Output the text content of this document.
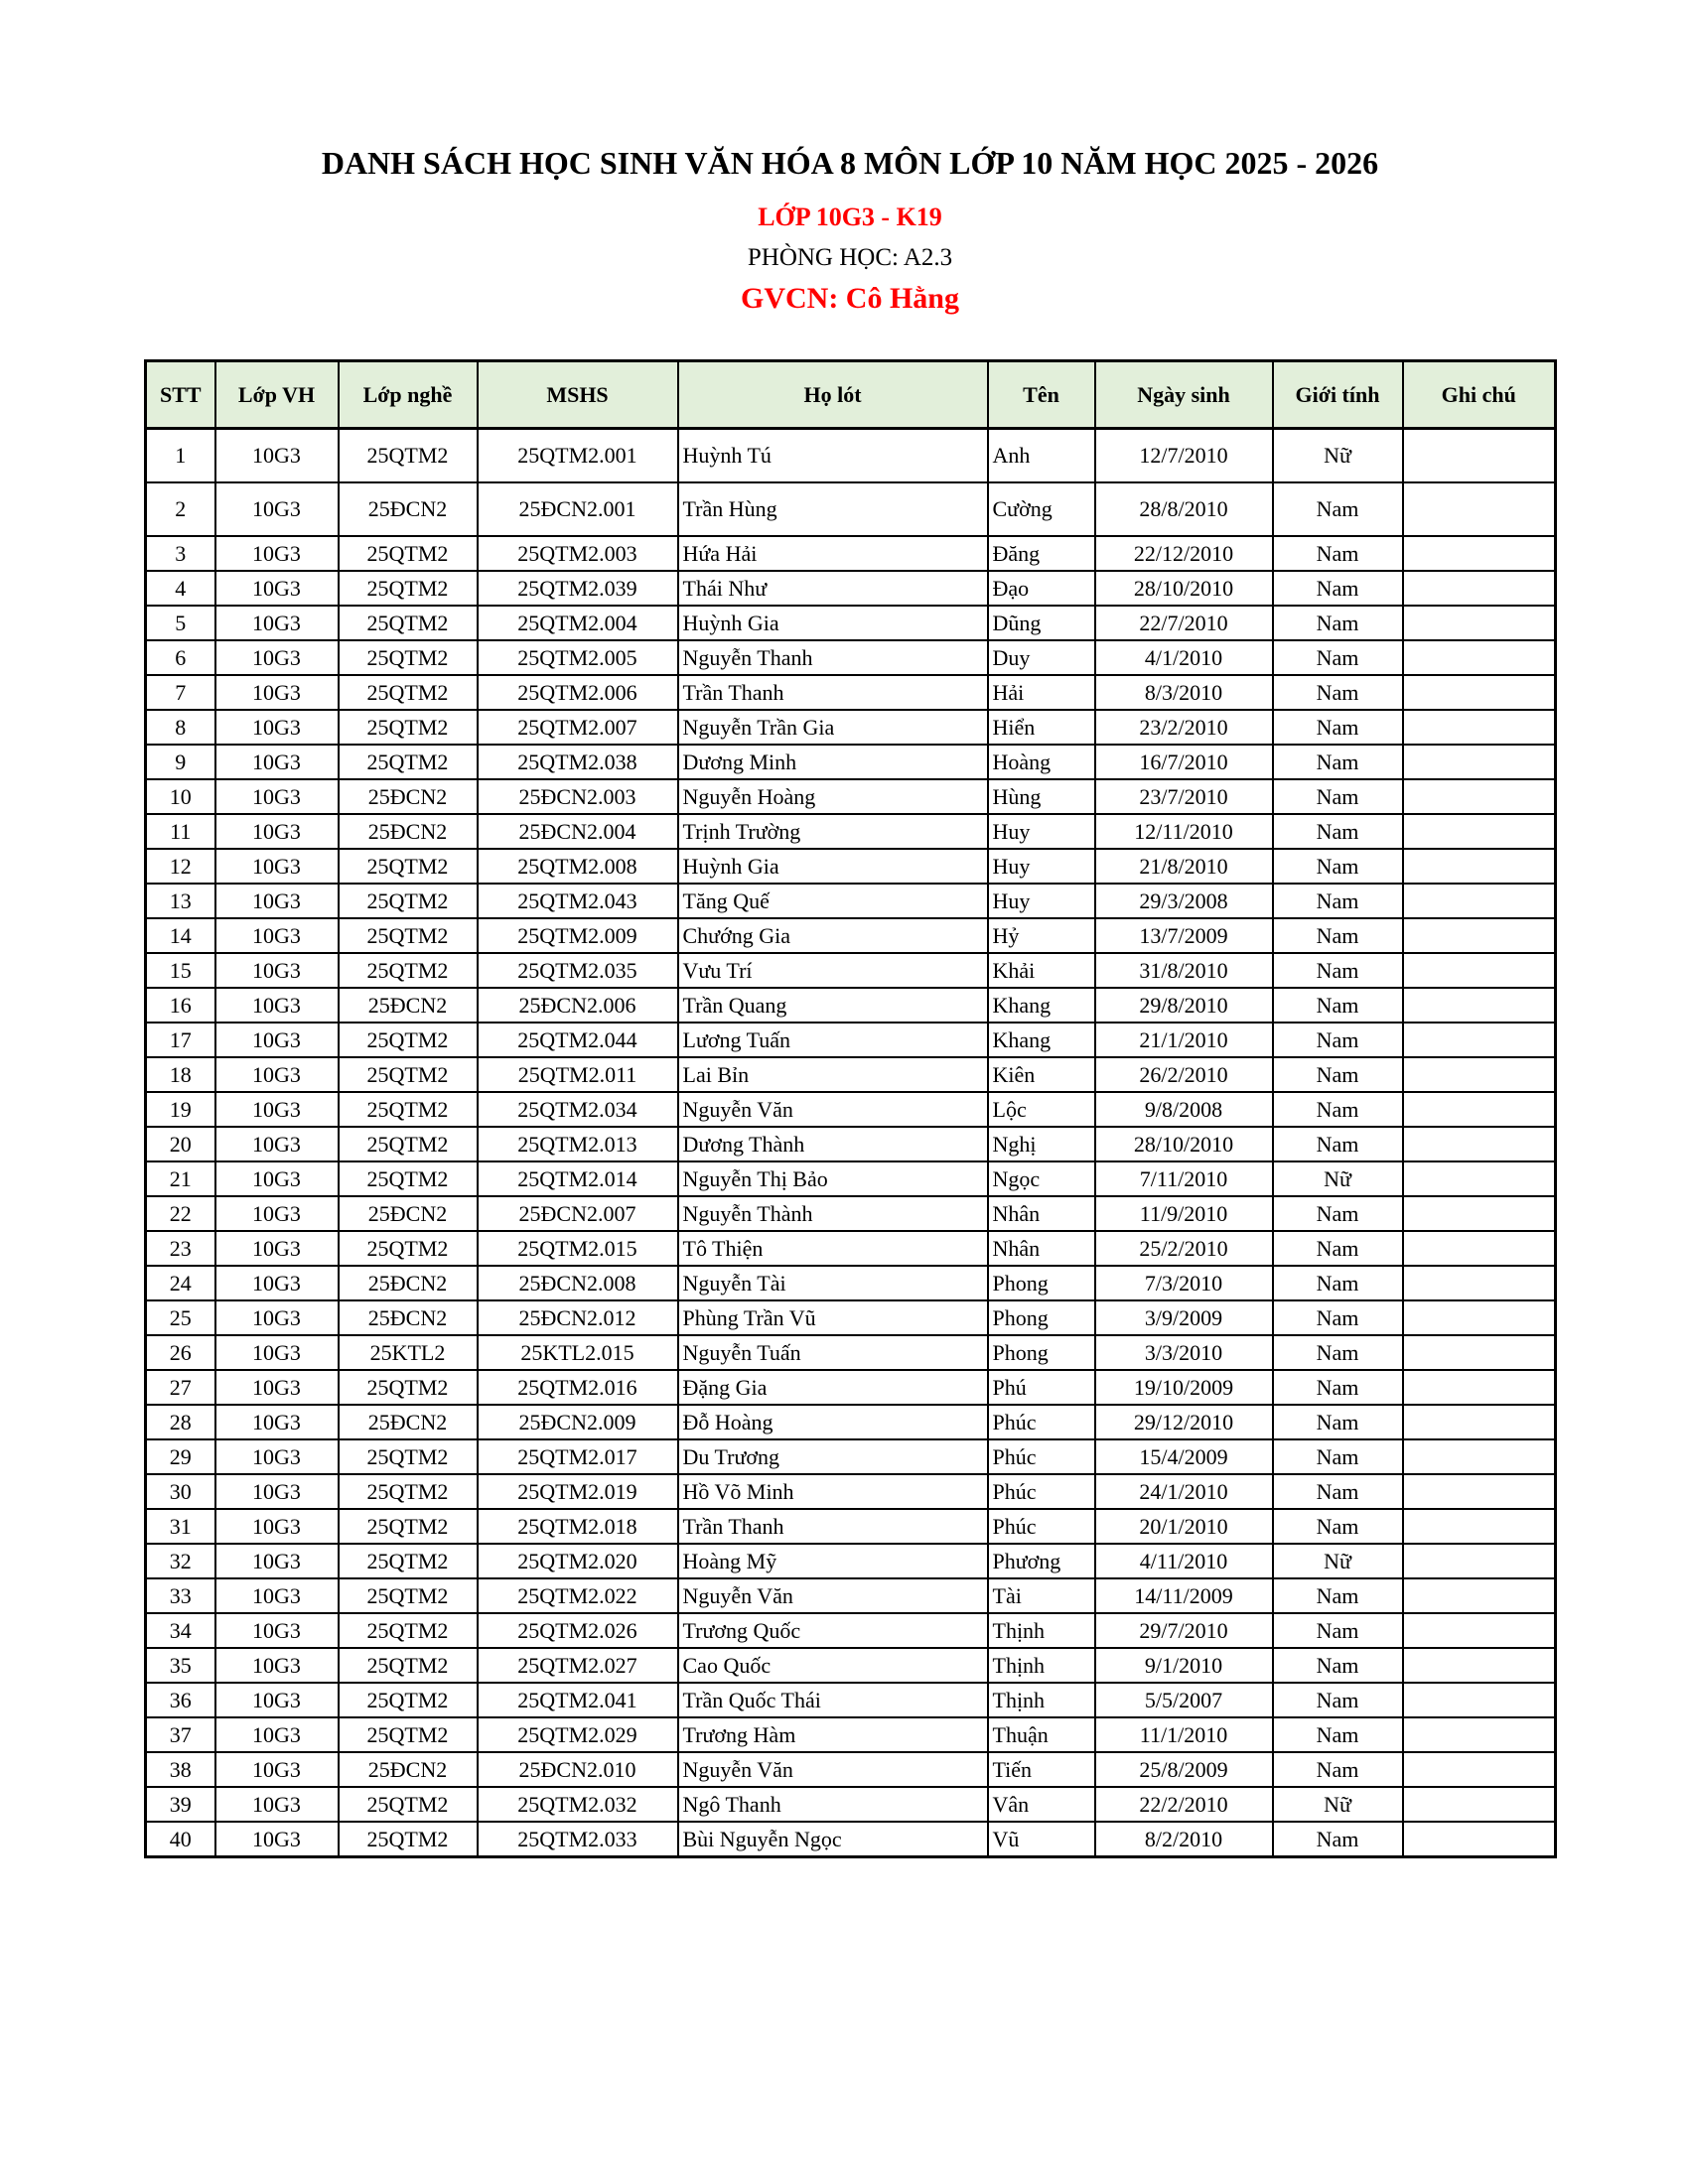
DANH SÁCH HỌC SINH VĂN HÓA 8 MÔN LỚP 10 NĂM HỌC 2025 - 2026
LỚP 10G3 - K19
PHÒNG HỌC: A2.3
GVCN: Cô Hằng
STT	Lớp VH	Lớp nghề	MSHS	Họ lót	Tên	Ngày sinh	Giới tính	Ghi chú
1	10G3	25QTM2	25QTM2.001	Huỳnh Tú	Anh	12/7/2010	Nữ	
2	10G3	25ĐCN2	25ĐCN2.001	Trần Hùng	Cường	28/8/2010	Nam	
3	10G3	25QTM2	25QTM2.003	Hứa Hải	Đăng	22/12/2010	Nam	
4	10G3	25QTM2	25QTM2.039	Thái Như	Đạo	28/10/2010	Nam	
5	10G3	25QTM2	25QTM2.004	Huỳnh Gia	Dũng	22/7/2010	Nam	
6	10G3	25QTM2	25QTM2.005	Nguyễn Thanh	Duy	4/1/2010	Nam	
7	10G3	25QTM2	25QTM2.006	Trần Thanh	Hải	8/3/2010	Nam	
8	10G3	25QTM2	25QTM2.007	Nguyễn Trần Gia	Hiển	23/2/2010	Nam	
9	10G3	25QTM2	25QTM2.038	Dương Minh	Hoàng	16/7/2010	Nam	
10	10G3	25ĐCN2	25ĐCN2.003	Nguyễn Hoàng	Hùng	23/7/2010	Nam	
11	10G3	25ĐCN2	25ĐCN2.004	Trịnh Trường	Huy	12/11/2010	Nam	
12	10G3	25QTM2	25QTM2.008	Huỳnh Gia	Huy	21/8/2010	Nam	
13	10G3	25QTM2	25QTM2.043	Tăng Quế	Huy	29/3/2008	Nam	
14	10G3	25QTM2	25QTM2.009	Chướng Gia	Hỷ	13/7/2009	Nam	
15	10G3	25QTM2	25QTM2.035	Vưu Trí	Khải	31/8/2010	Nam	
16	10G3	25ĐCN2	25ĐCN2.006	Trần Quang	Khang	29/8/2010	Nam	
17	10G3	25QTM2	25QTM2.044	Lương Tuấn	Khang	21/1/2010	Nam	
18	10G3	25QTM2	25QTM2.011	Lai Bỉn	Kiên	26/2/2010	Nam	
19	10G3	25QTM2	25QTM2.034	Nguyễn Văn	Lộc	9/8/2008	Nam	
20	10G3	25QTM2	25QTM2.013	Dương Thành	Nghị	28/10/2010	Nam	
21	10G3	25QTM2	25QTM2.014	Nguyễn Thị Bảo	Ngọc	7/11/2010	Nữ	
22	10G3	25ĐCN2	25ĐCN2.007	Nguyễn Thành	Nhân	11/9/2010	Nam	
23	10G3	25QTM2	25QTM2.015	Tô Thiện	Nhân	25/2/2010	Nam	
24	10G3	25ĐCN2	25ĐCN2.008	Nguyễn Tài	Phong	7/3/2010	Nam	
25	10G3	25ĐCN2	25ĐCN2.012	Phùng Trần Vũ	Phong	3/9/2009	Nam	
26	10G3	25KTL2	25KTL2.015	Nguyễn Tuấn	Phong	3/3/2010	Nam	
27	10G3	25QTM2	25QTM2.016	Đặng Gia	Phú	19/10/2009	Nam	
28	10G3	25ĐCN2	25ĐCN2.009	Đỗ Hoàng	Phúc	29/12/2010	Nam	
29	10G3	25QTM2	25QTM2.017	Du Trương	Phúc	15/4/2009	Nam	
30	10G3	25QTM2	25QTM2.019	Hồ Võ Minh	Phúc	24/1/2010	Nam	
31	10G3	25QTM2	25QTM2.018	Trần Thanh	Phúc	20/1/2010	Nam	
32	10G3	25QTM2	25QTM2.020	Hoàng Mỹ	Phương	4/11/2010	Nữ	
33	10G3	25QTM2	25QTM2.022	Nguyễn Văn	Tài	14/11/2009	Nam	
34	10G3	25QTM2	25QTM2.026	Trương Quốc	Thịnh	29/7/2010	Nam	
35	10G3	25QTM2	25QTM2.027	Cao Quốc	Thịnh	9/1/2010	Nam	
36	10G3	25QTM2	25QTM2.041	Trần Quốc Thái	Thịnh	5/5/2007	Nam	
37	10G3	25QTM2	25QTM2.029	Trương Hàm	Thuận	11/1/2010	Nam	
38	10G3	25ĐCN2	25ĐCN2.010	Nguyễn Văn	Tiến	25/8/2009	Nam	
39	10G3	25QTM2	25QTM2.032	Ngô Thanh	Vân	22/2/2010	Nữ	
40	10G3	25QTM2	25QTM2.033	Bùi Nguyễn Ngọc	Vũ	8/2/2010	Nam	
